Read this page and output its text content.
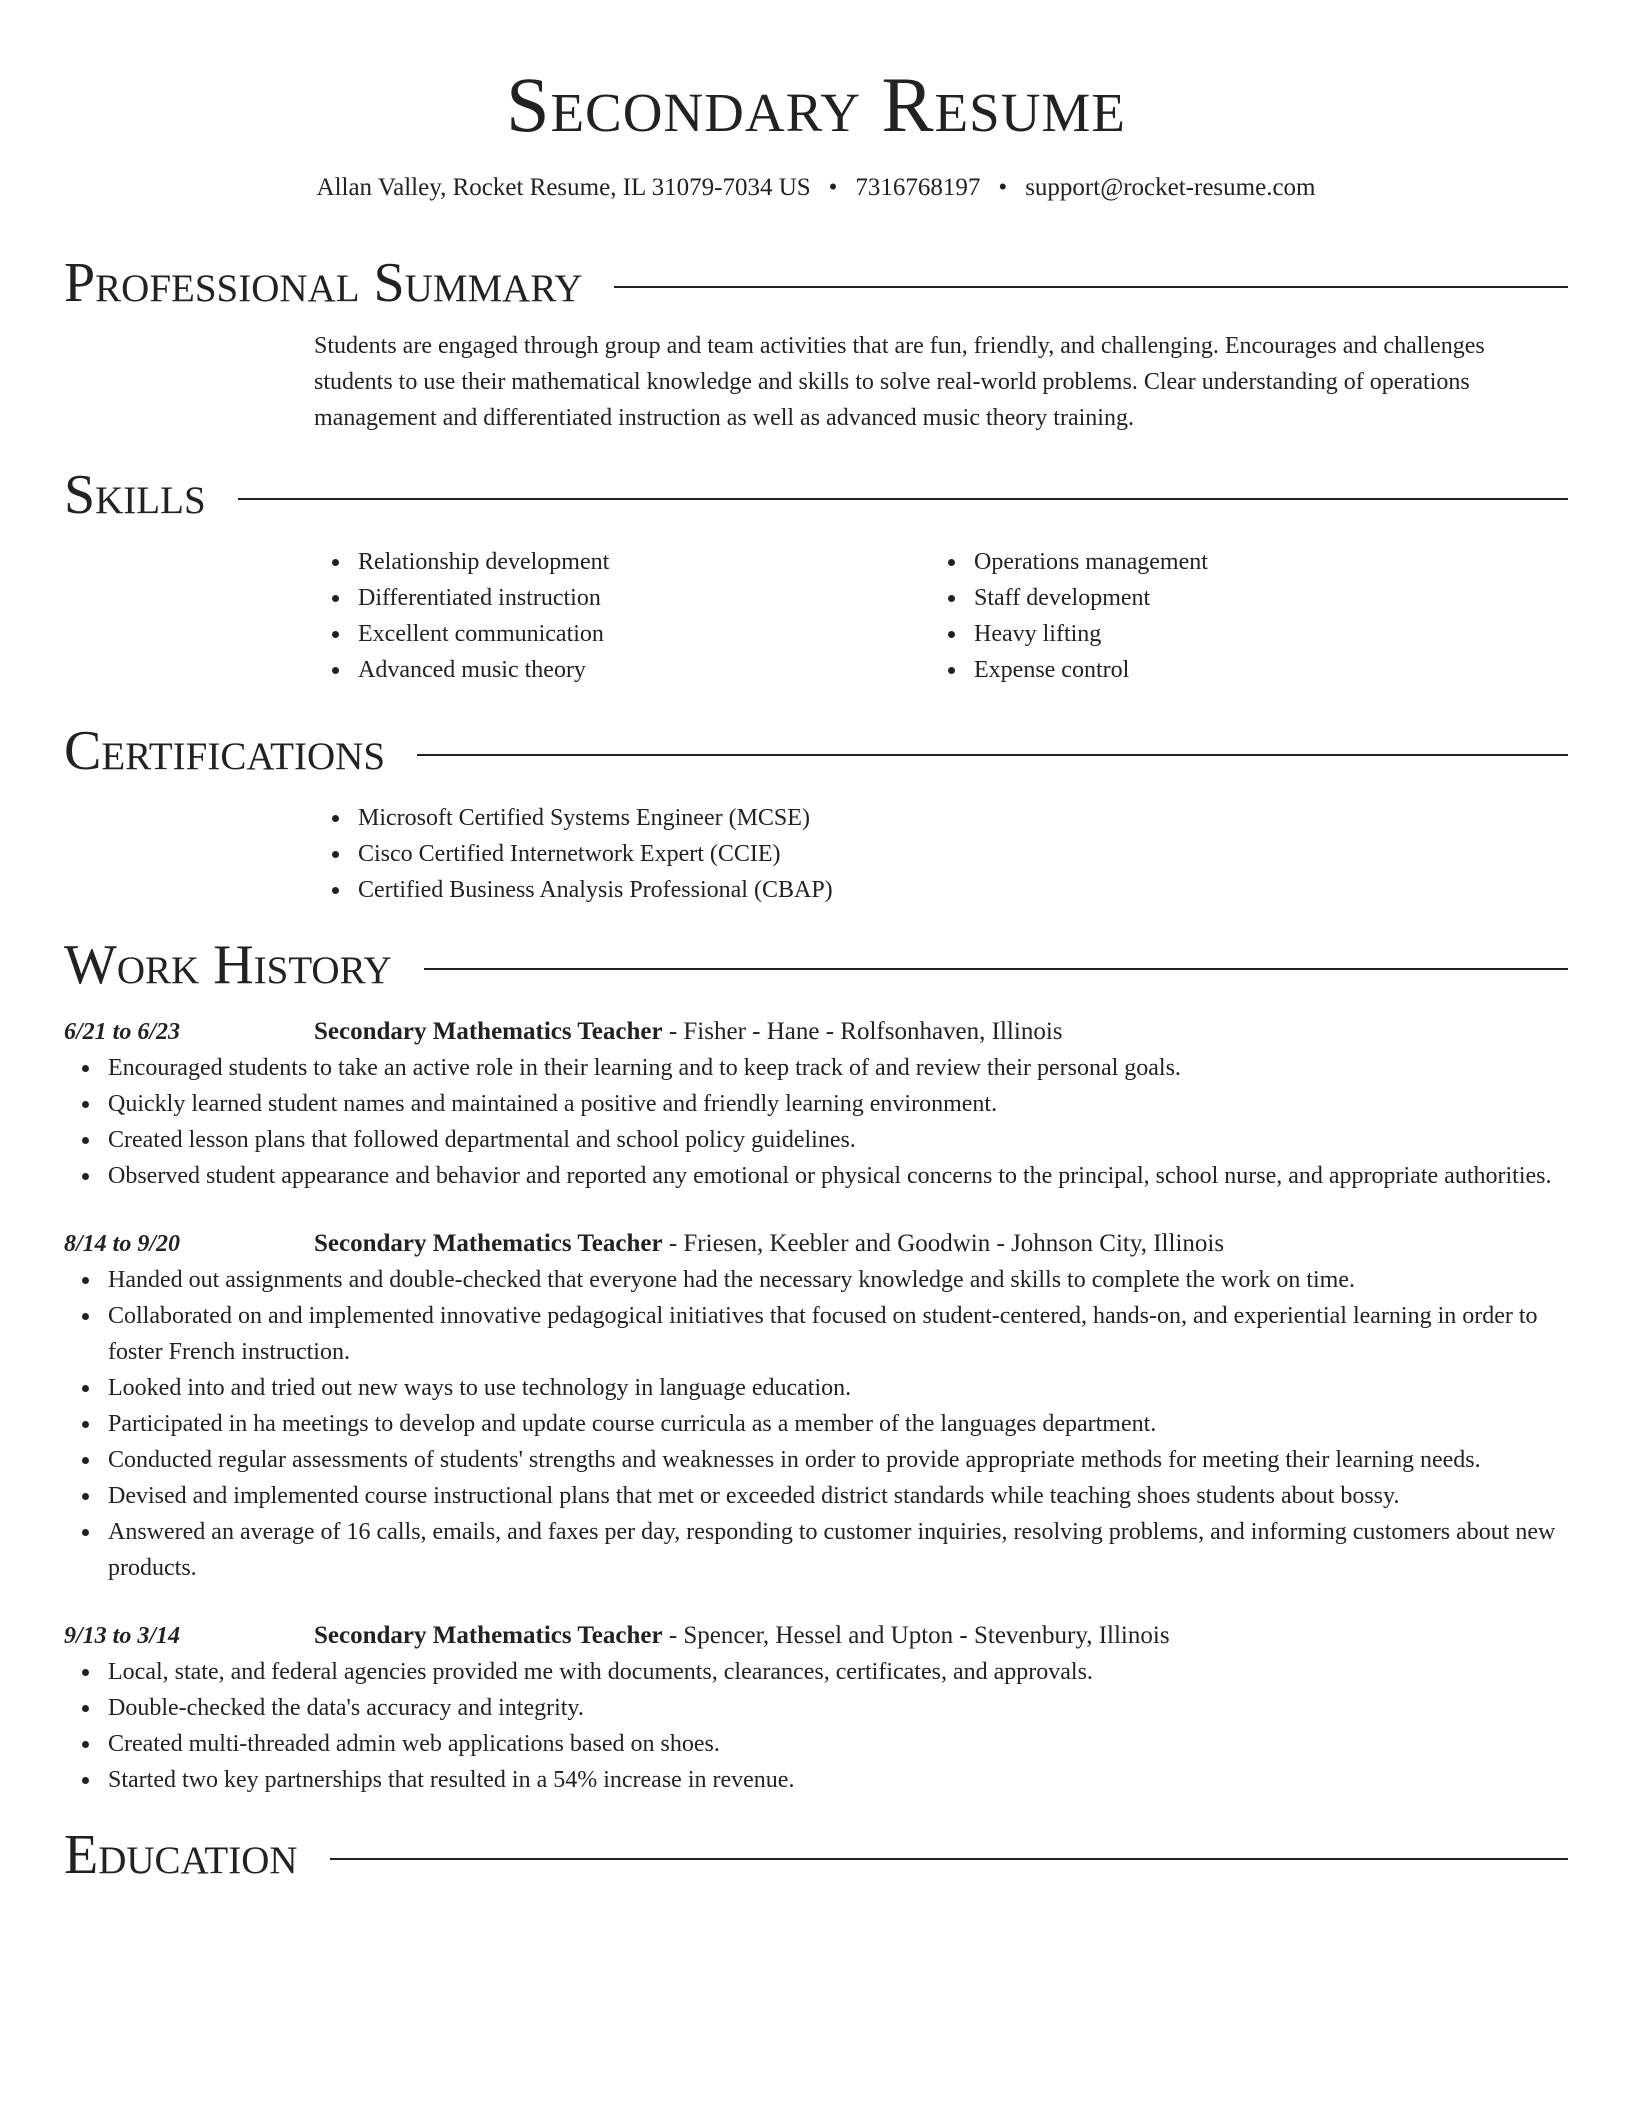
Secondary Resume
Allan Valley, Rocket Resume, IL 31079-7034 US • 7316768197 • support@rocket-resume.com
Professional Summary

Students are engaged through group and team activities that are fun, friendly, and challenging. Encourages and challenges students to use their mathematical knowledge and skills to solve real-world problems. Clear understanding of operations management and differentiated instruction as well as advanced music theory training.

Skills
Relationship development
Differentiated instruction
Excellent communication
Advanced music theory
Operations management
Staff development
Heavy lifting
Expense control
Certifications
Microsoft Certified Systems Engineer (MCSE)
Cisco Certified Internetwork Expert (CCIE)
Certified Business Analysis Professional (CBAP)
Work History
6/21 to 6/23	Secondary Mathematics Teacher - Fisher - Hane - Rolfsonhaven, Illinois
Encouraged students to take an active role in their learning and to keep track of and review their personal goals.
Quickly learned student names and maintained a positive and friendly learning environment.
Created lesson plans that followed departmental and school policy guidelines.
Observed student appearance and behavior and reported any emotional or physical concerns to the principal, school nurse, and appropriate authorities.
8/14 to 9/20	Secondary Mathematics Teacher - Friesen, Keebler and Goodwin - Johnson City, Illinois
Handed out assignments and double-checked that everyone had the necessary knowledge and skills to complete the work on time.
Collaborated on and implemented innovative pedagogical initiatives that focused on student-centered, hands-on, and experiential learning in order to foster French instruction.
Looked into and tried out new ways to use technology in language education.
Participated in ha meetings to develop and update course curricula as a member of the languages department.
Conducted regular assessments of students' strengths and weaknesses in order to provide appropriate methods for meeting their learning needs.
Devised and implemented course instructional plans that met or exceeded district standards while teaching shoes students about bossy.
Answered an average of 16 calls, emails, and faxes per day, responding to customer inquiries, resolving problems, and informing customers about new products.
9/13 to 3/14	Secondary Mathematics Teacher - Spencer, Hessel and Upton - Stevenbury, Illinois
Local, state, and federal agencies provided me with documents, clearances, certificates, and approvals.
Double-checked the data's accuracy and integrity.
Created multi-threaded admin web applications based on shoes.
Started two key partnerships that resulted in a 54% increase in revenue.
Education
